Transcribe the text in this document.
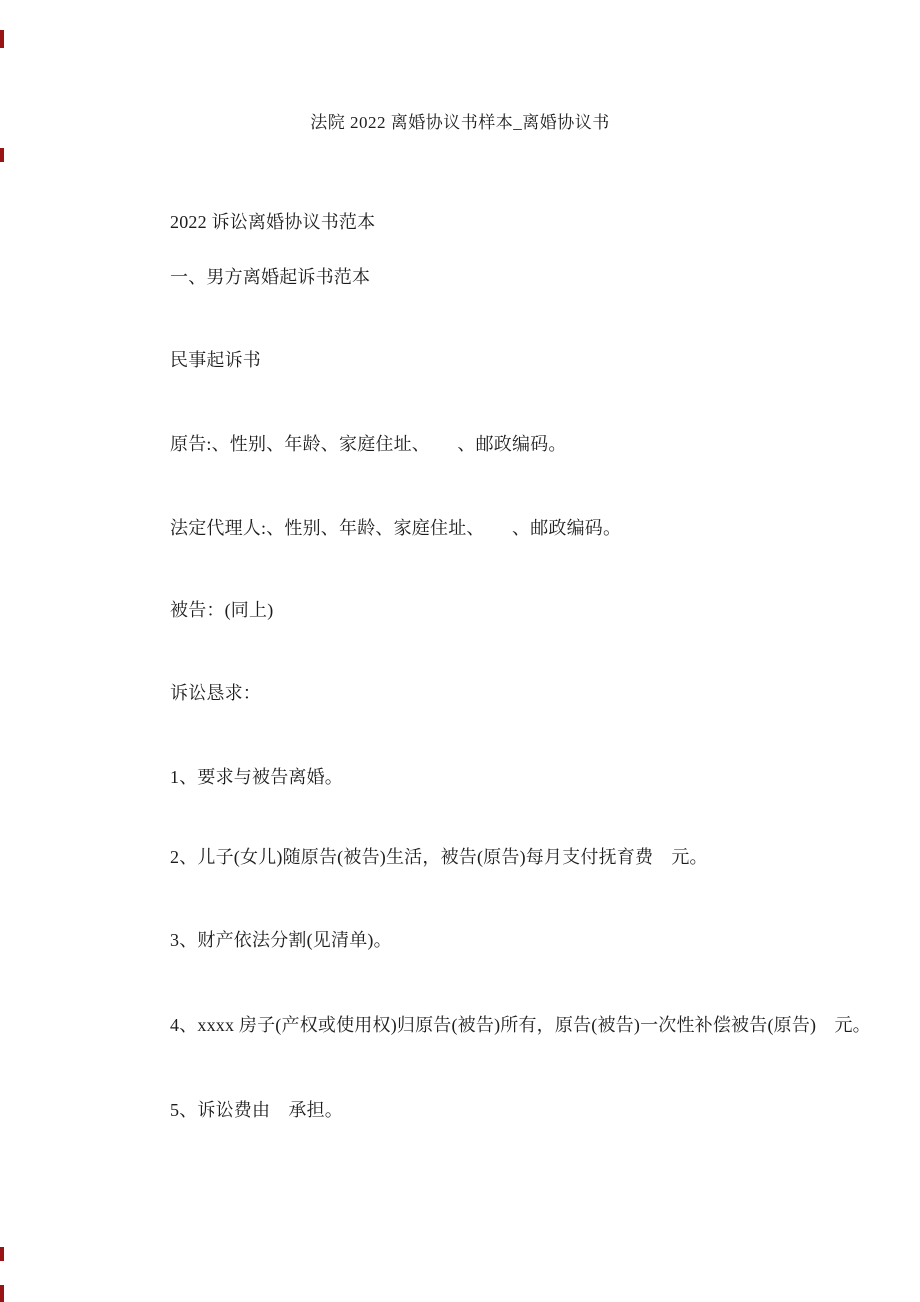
法院 2022 离婚协议书样本_离婚协议书

2022 诉讼离婚协议书范本

一、男方离婚起诉书范本

民事起诉书

原告:、性别、年龄、家庭住址、　　、邮政编码。

法定代理人:、性别、年龄、家庭住址、　　、邮政编码。

被告：(同上)

诉讼恳求：

1、要求与被告离婚。

2、儿子(女儿)随原告(被告)生活，被告(原告)每月支付抚育费　元。

3、财产依法分割(见清单)。

4、xxxx 房子(产权或使用权)归原告(被告)所有，原告(被告)一次性补偿被告(原告)　元。

5、诉讼费由　承担。
